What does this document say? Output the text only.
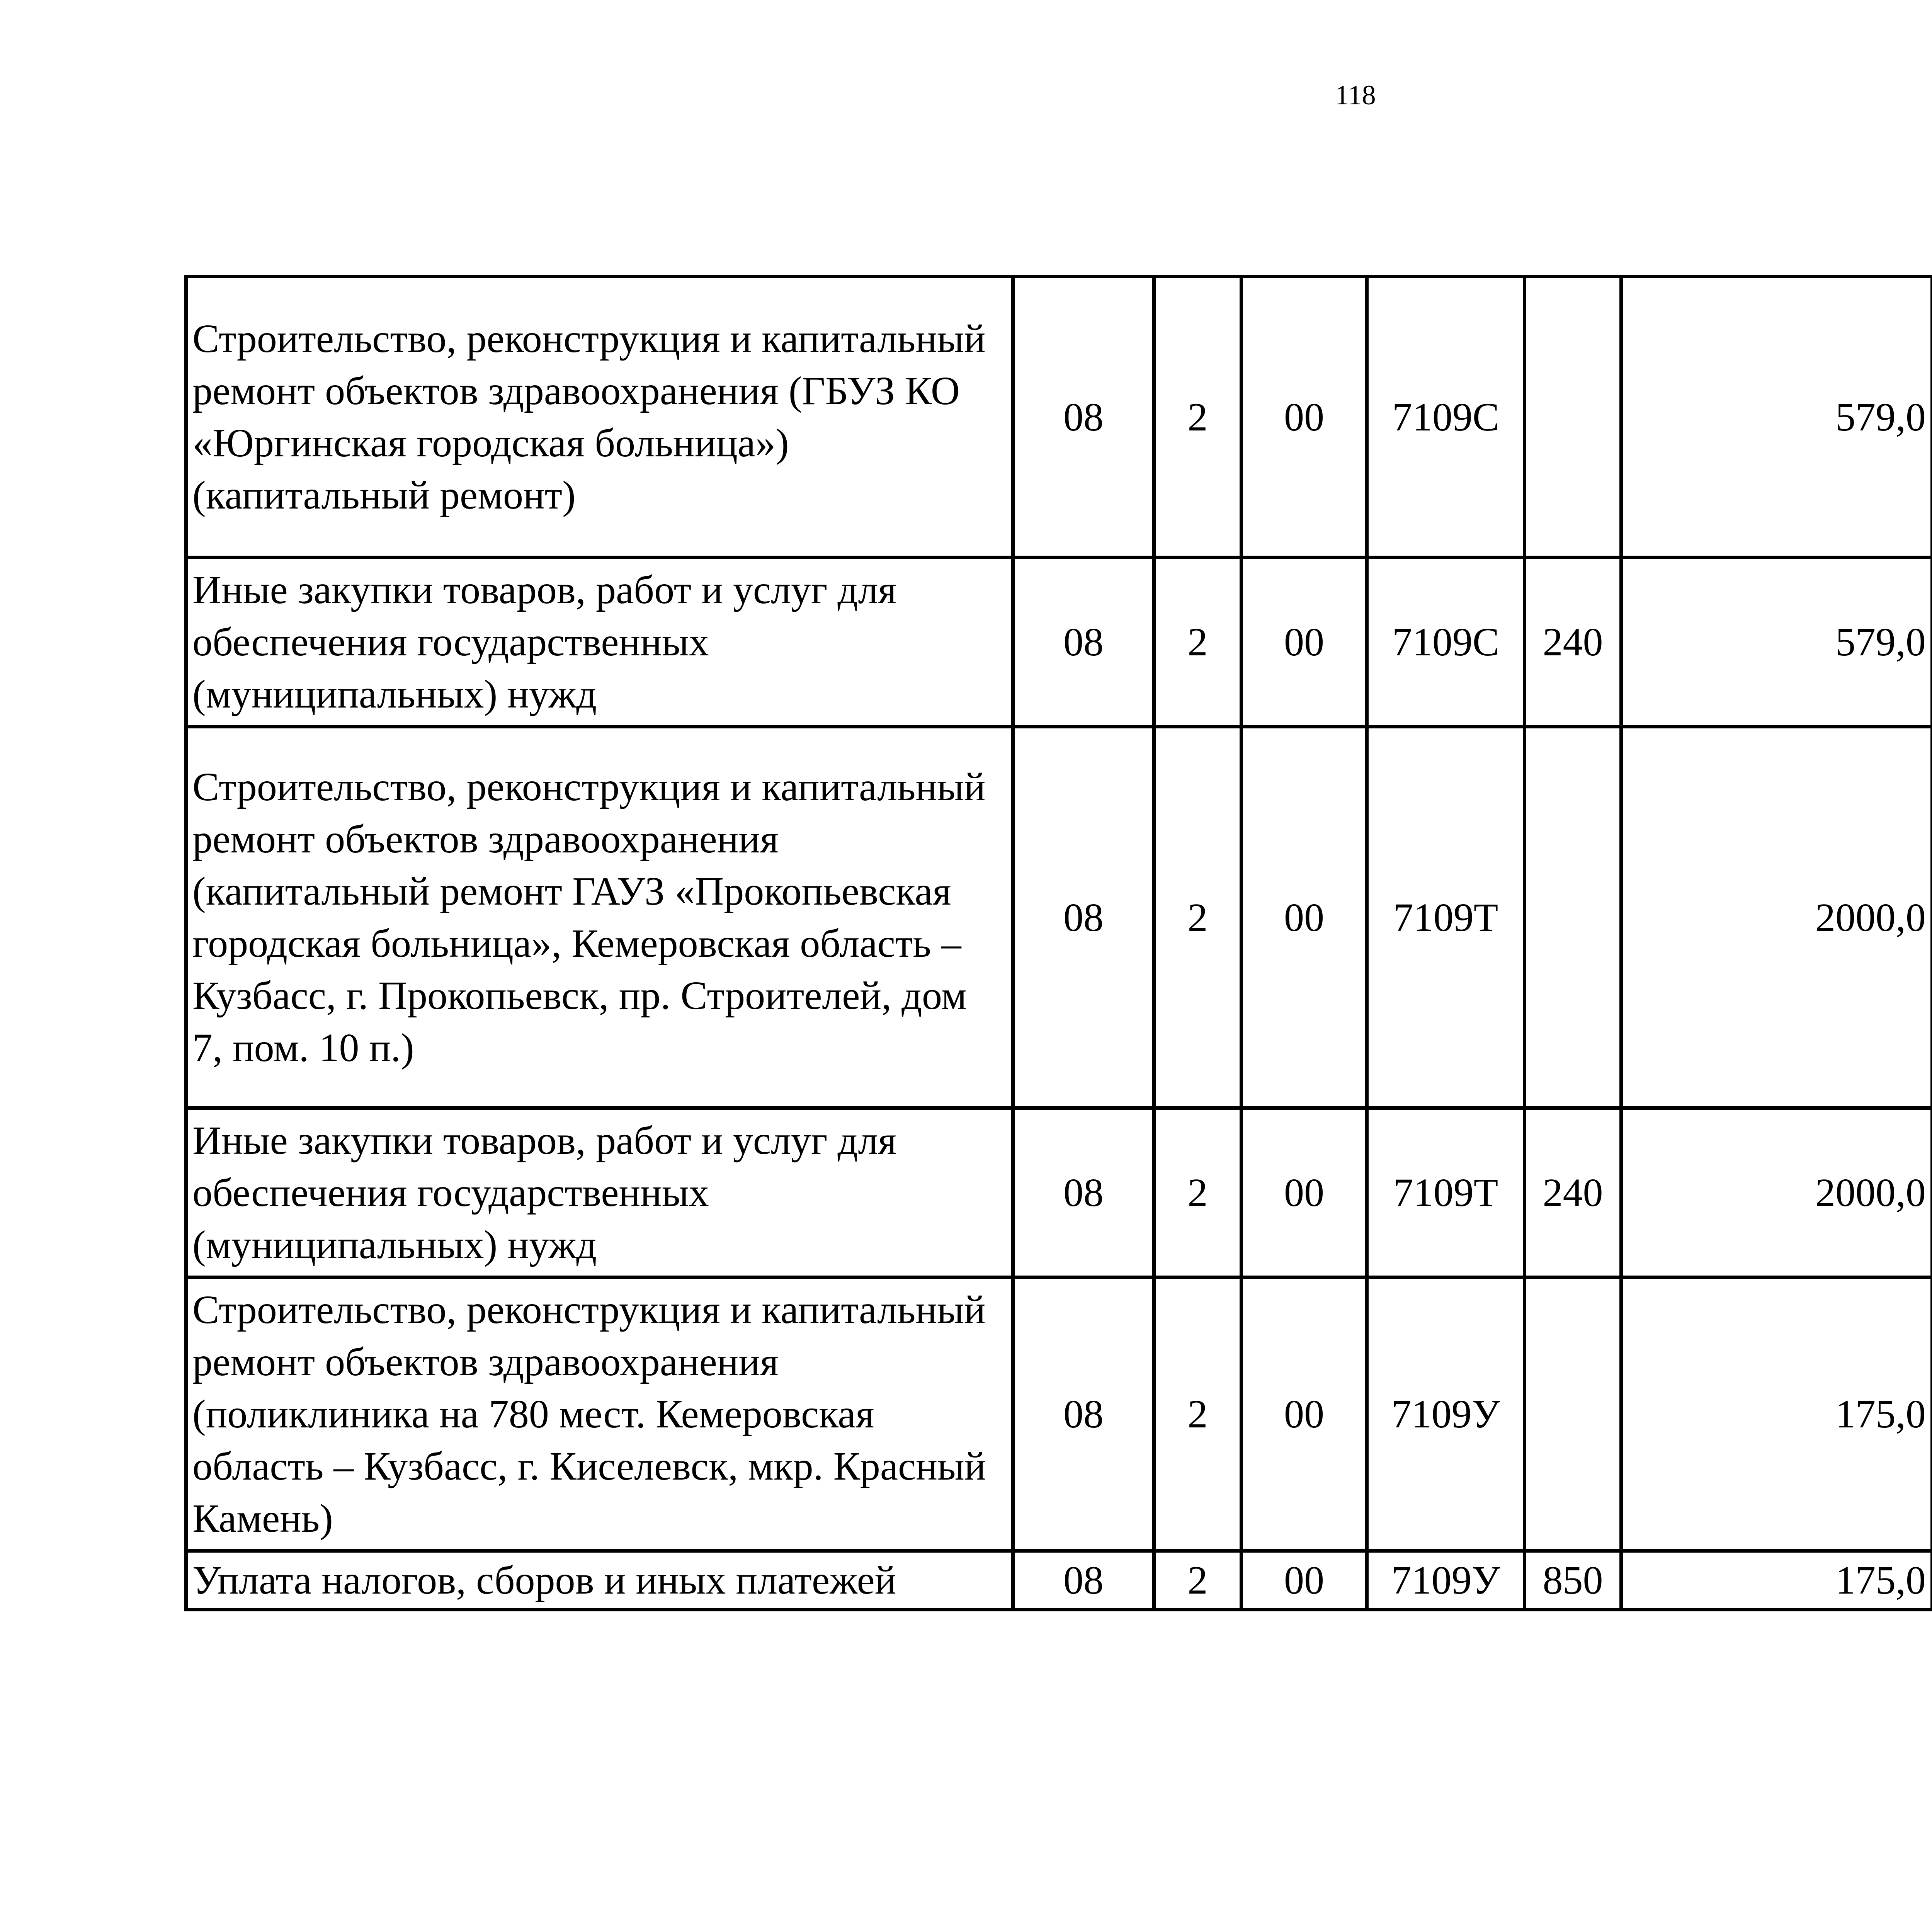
118
Строительство, реконструкция и капитальный ремонт объектов здравоохранения (ГБУЗ КО «Юргинская городская больница») (капитальный ремонт)	08	2	00	7109С		579,0		
Иные закупки товаров, работ и услуг для обеспечения государственных (муниципальных) нужд	08	2	00	7109С	240	579,0		
Строительство, реконструкция и капитальный ремонт объектов здравоохранения (капитальный ремонт ГАУЗ «Прокопьевская городская больница», Кемеровская область – Кузбасс, г. Прокопьевск, пр. Строителей, дом 7, пом. 10 п.)	08	2	00	7109Т		2000,0		
Иные закупки товаров, работ и услуг для обеспечения государственных (муниципальных) нужд	08	2	00	7109Т	240	2000,0		
Строительство, реконструкция и капитальный ремонт объектов здравоохранения (поликлиника на 780 мест. Кемеровская область – Кузбасс, г. Киселевск, мкр. Красный Камень)	08	2	00	7109У		175,0		
Уплата налогов, сборов и иных платежей	08	2	00	7109У	850	175,0		
